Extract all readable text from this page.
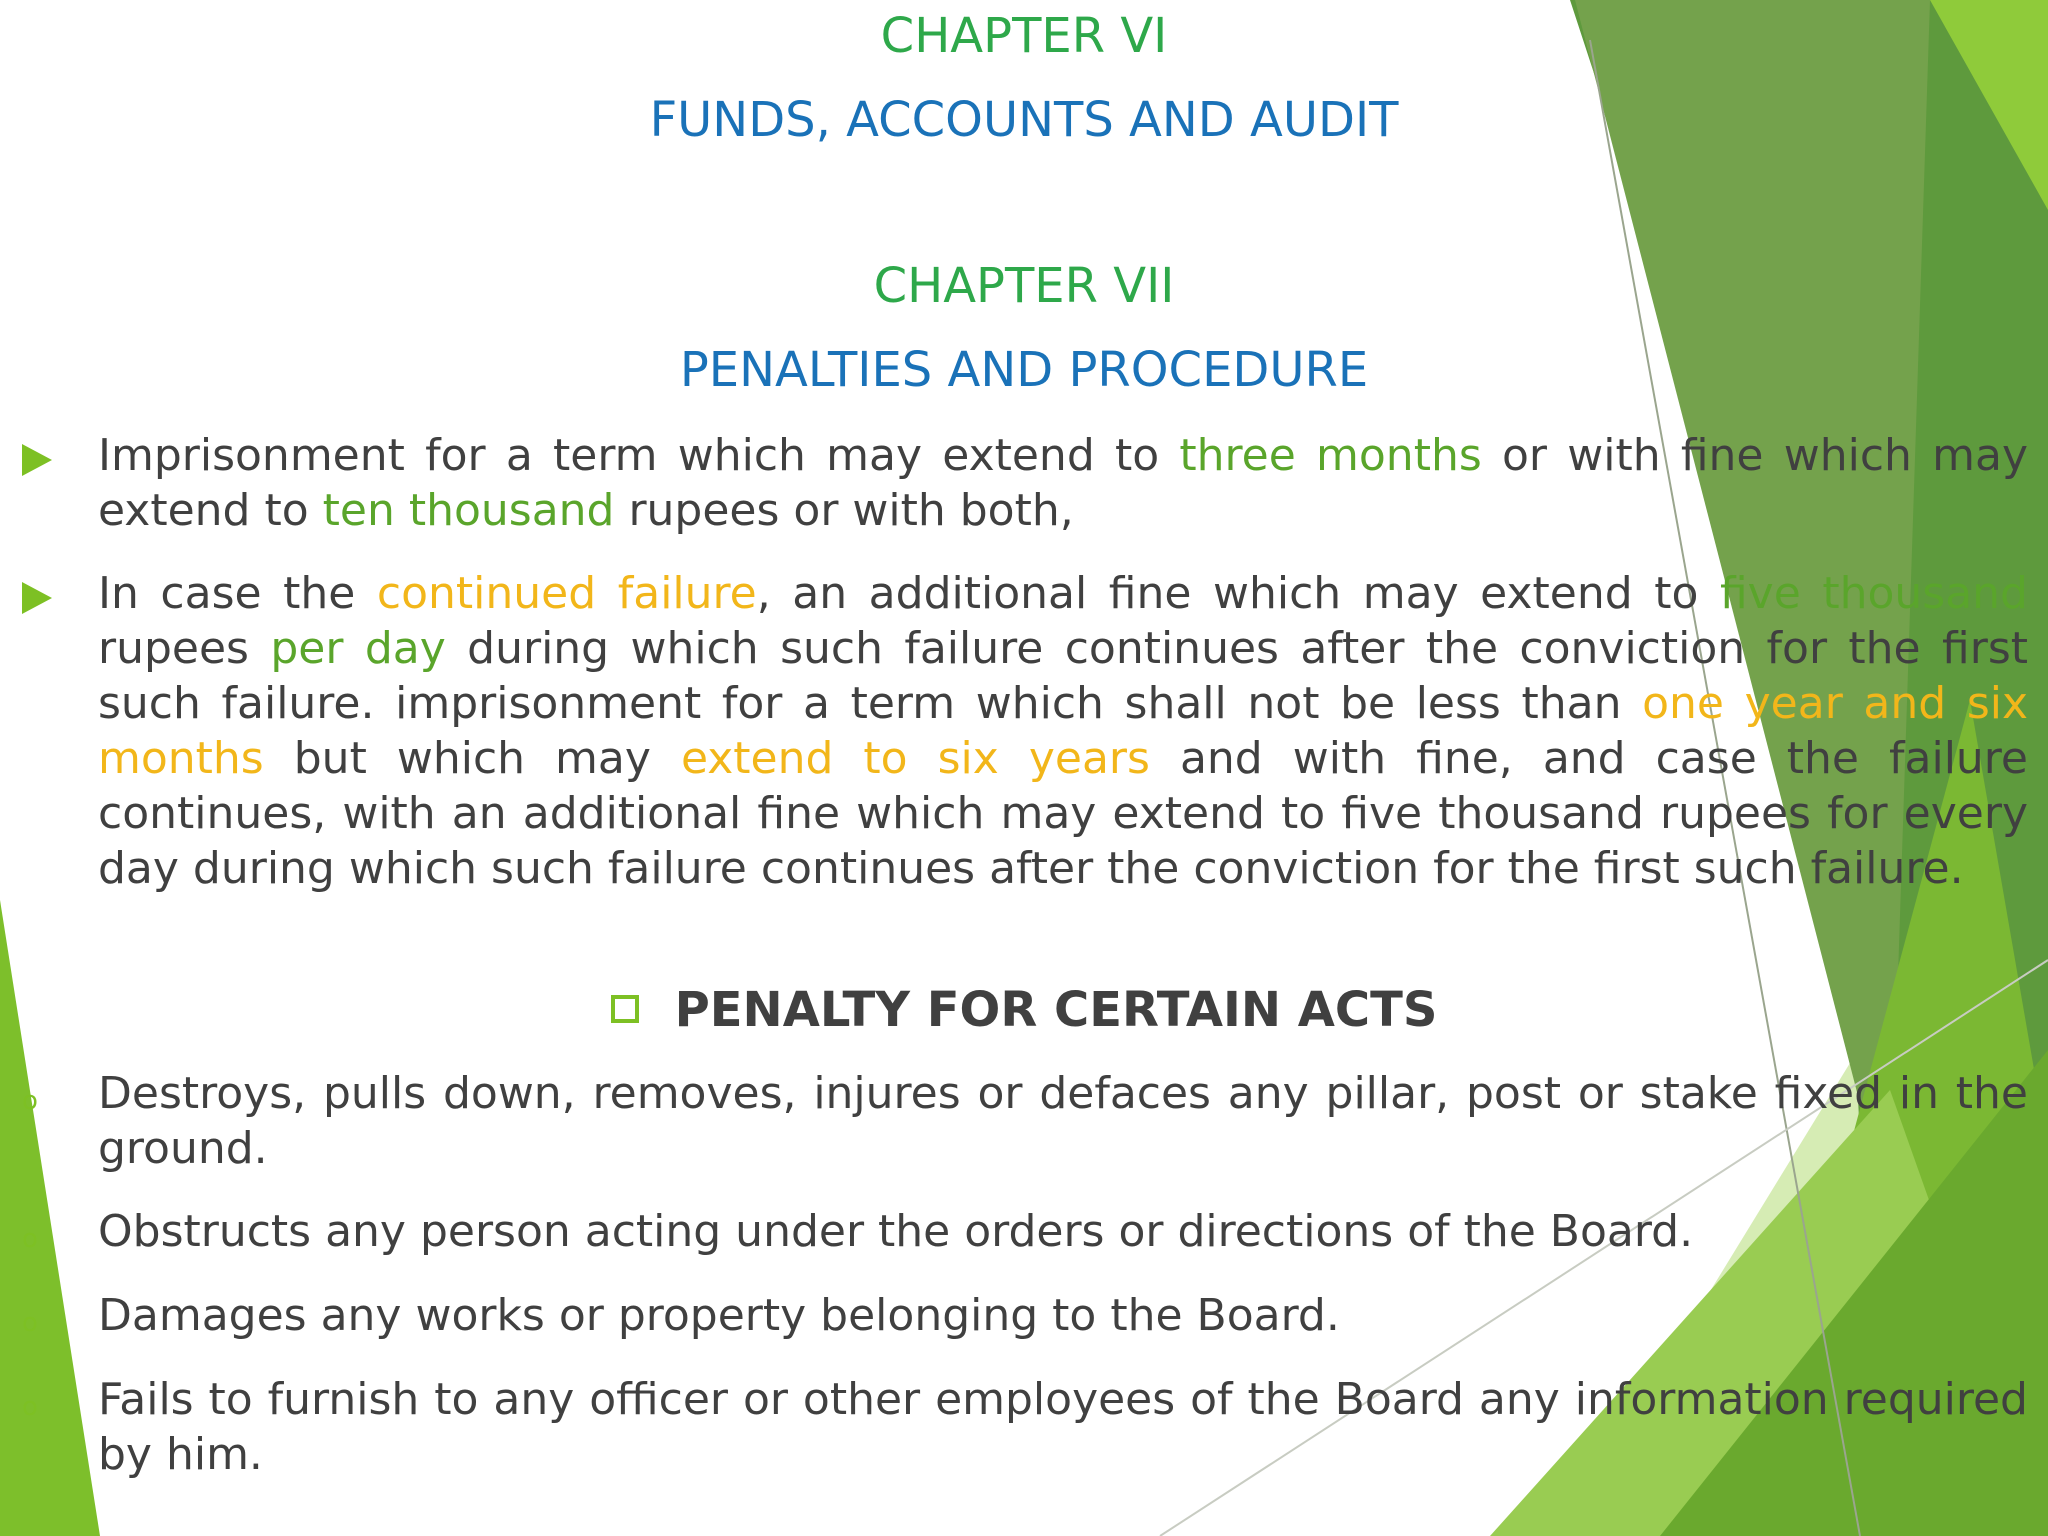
CHAPTER VI
FUNDS, ACCOUNTS AND AUDIT
CHAPTER VII
PENALTIES AND PROCEDURE
Imprisonment for a term which may extend to three months or with fine which may extend to ten thousand rupees or with both,
In case the continued failure, an additional fine which may extend to five thousand rupees per day during which such failure continues after the conviction for the first such failure. imprisonment for a term which shall not be less than one year and six months but which may extend to six years and with fine, and case the failure continues, with an additional fine which may extend to five thousand rupees for every day during which such failure continues after the conviction for the first such failure.
PENALTY FOR CERTAIN ACTS
o Destroys, pulls down, removes, injures or defaces any pillar, post or stake fixed in the ground.
o Obstructs any person acting under the orders or directions of the Board.
o Damages any works or property belonging to the Board.
o Fails to furnish to any officer or other employees of the Board any information required by him.
